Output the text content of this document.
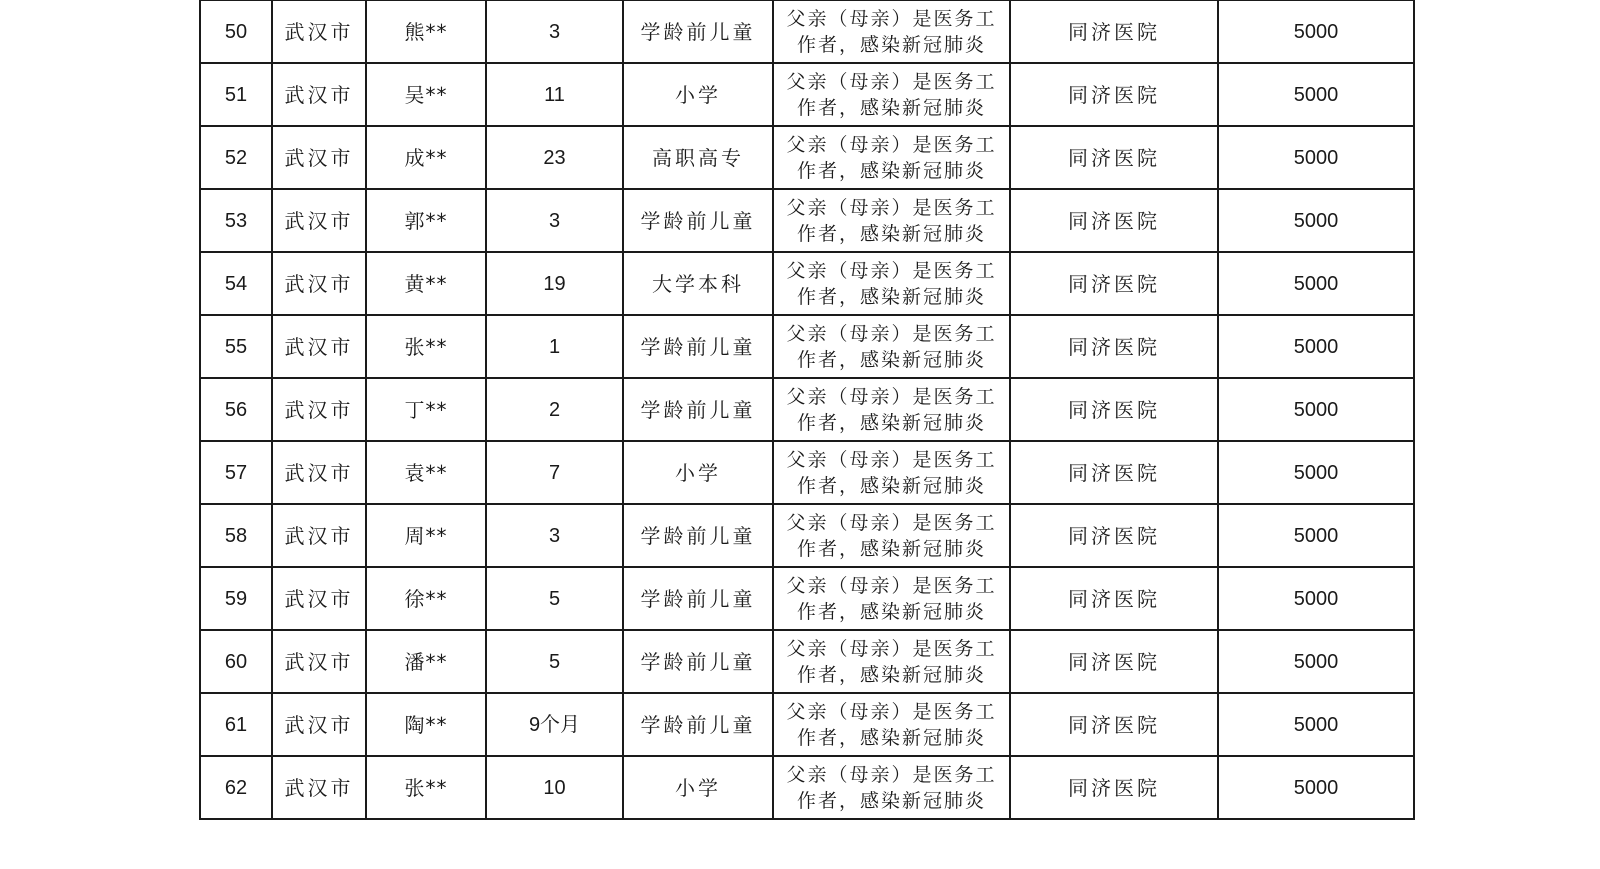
50	武汉市	熊**	3	学龄前儿童	父亲（母亲）是医务工作者，感染新冠肺炎	同济医院	5000
51	武汉市	吴**	11	小学	父亲（母亲）是医务工作者，感染新冠肺炎	同济医院	5000
52	武汉市	成**	23	高职高专	父亲（母亲）是医务工作者，感染新冠肺炎	同济医院	5000
53	武汉市	郭**	3	学龄前儿童	父亲（母亲）是医务工作者，感染新冠肺炎	同济医院	5000
54	武汉市	黄**	19	大学本科	父亲（母亲）是医务工作者，感染新冠肺炎	同济医院	5000
55	武汉市	张**	1	学龄前儿童	父亲（母亲）是医务工作者，感染新冠肺炎	同济医院	5000
56	武汉市	丁**	2	学龄前儿童	父亲（母亲）是医务工作者，感染新冠肺炎	同济医院	5000
57	武汉市	袁**	7	小学	父亲（母亲）是医务工作者，感染新冠肺炎	同济医院	5000
58	武汉市	周**	3	学龄前儿童	父亲（母亲）是医务工作者，感染新冠肺炎	同济医院	5000
59	武汉市	徐**	5	学龄前儿童	父亲（母亲）是医务工作者，感染新冠肺炎	同济医院	5000
60	武汉市	潘**	5	学龄前儿童	父亲（母亲）是医务工作者，感染新冠肺炎	同济医院	5000
61	武汉市	陶**	9个月	学龄前儿童	父亲（母亲）是医务工作者，感染新冠肺炎	同济医院	5000
62	武汉市	张**	10	小学	父亲（母亲）是医务工作者，感染新冠肺炎	同济医院	5000
